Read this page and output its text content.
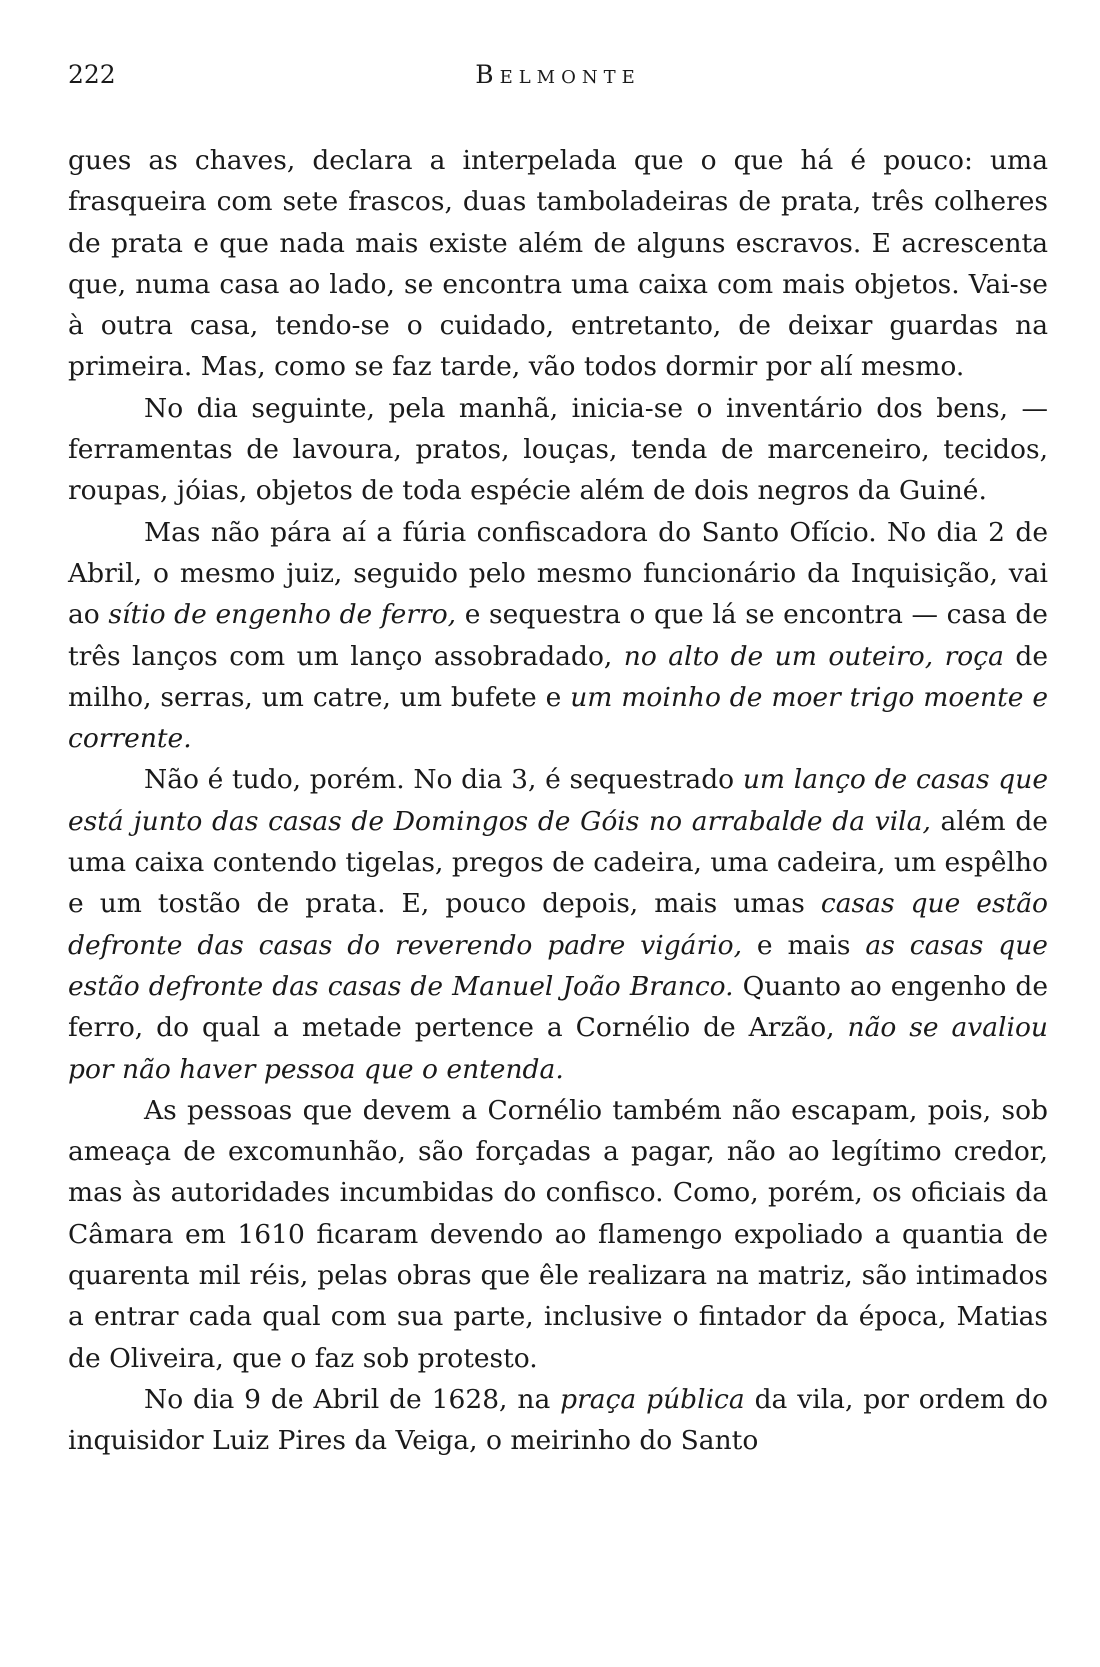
222	Belmonte

gues as chaves, declara a interpelada que o que há é pouco: uma frasqueira com sete frascos, duas tamboladeiras de prata, três colheres de prata e que nada mais existe além de alguns escravos. E acrescenta que, numa casa ao lado, se encontra uma caixa com mais objetos. Vai-se à outra casa, tendo-se o cuidado, entretanto, de deixar guardas na primeira. Mas, como se faz tarde, vão todos dormir por alí mesmo.

No dia seguinte, pela manhã, inicia-se o inventário dos bens, — ferramentas de lavoura, pratos, louças, tenda de marceneiro, tecidos, roupas, jóias, objetos de toda espécie além de dois negros da Guiné.

Mas não pára aí a fúria confiscadora do Santo Ofício. No dia 2 de Abril, o mesmo juiz, seguido pelo mesmo funcionário da Inquisição, vai ao sítio de engenho de ferro, e sequestra o que lá se encontra — casa de três lanços com um lanço assobradado, no alto de um outeiro, roça de milho, serras, um catre, um bufete e um moinho de moer trigo moente e corrente.

Não é tudo, porém. No dia 3, é sequestrado um lanço de casas que está junto das casas de Domingos de Góis no arrabalde da vila, além de uma caixa contendo tigelas, pregos de cadeira, uma cadeira, um espêlho e um tostão de prata. E, pouco depois, mais umas casas que estão defronte das casas do reverendo padre vigário, e mais as casas que estão defronte das casas de Manuel João Branco. Quanto ao engenho de ferro, do qual a metade pertence a Cornélio de Arzão, não se avaliou por não haver pessoa que o entenda.

As pessoas que devem a Cornélio também não escapam, pois, sob ameaça de excomunhão, são forçadas a pagar, não ao legítimo credor, mas às autoridades incumbidas do confisco. Como, porém, os oficiais da Câmara em 1610 ficaram devendo ao flamengo expoliado a quantia de quarenta mil réis, pelas obras que êle realizara na matriz, são intimados a entrar cada qual com sua parte, inclusive o fintador da época, Matias de Oliveira, que o faz sob protesto.

No dia 9 de Abril de 1628, na praça pública da vila, por ordem do inquisidor Luiz Pires da Veiga, o meirinho do Santo
